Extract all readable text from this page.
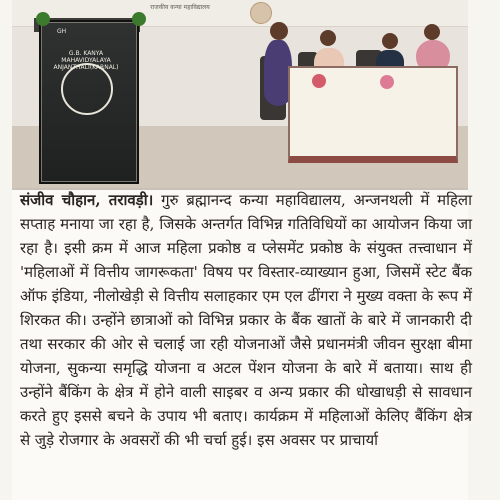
राजकीय कन्या महाविद्यालय
GH
G.B. KANYA MAHAVIDYALAYA
ANJANTHALI(KARNAL)
संजीव चौहान, तरावड़ी। गुरु ब्रह्मानन्द कन्या महाविद्यालय, अन्जनथली में महिला सप्ताह मनाया जा रहा है, जिसके अन्तर्गत विभिन्न गतिविधियों का आयोजन किया जा रहा है। इसी क्रम में आज महिला प्रकोष्ठ व प्लेसमेंट प्रकोष्ठ के संयुक्त तत्त्वाधान में 'महिलाओं में वित्तीय जागरूकता' विषय पर विस्तार-व्याख्यान हुआ, जिसमें स्टेट बैंक ऑफ इंडिया, नीलोखेड़ी से वित्तीय सलाहकार एम एल ढींगरा ने मुख्य वक्ता के रूप में शिरकत की। उन्होंने छात्राओं को विभिन्न प्रकार के बैंक खातों के बारे में जानकारी दी तथा सरकार की ओर से चलाई जा रही योजनाओं जैसे प्रधानमंत्री जीवन सुरक्षा बीमा योजना, सुकन्या समृद्धि योजना व अटल पेंशन योजना के बारे में बताया। साथ ही उन्होंने बैंकिंग के क्षेत्र में होने वाली साइबर व अन्य प्रकार की धोखाधड़ी से सावधान करते हुए इससे बचने के उपाय भी बताए। कार्यक्रम में महिलाओं केलिए बैंकिंग क्षेत्र से जुड़े रोजगार के अवसरों की भी चर्चा हुई। इस अवसर पर प्राचार्या
